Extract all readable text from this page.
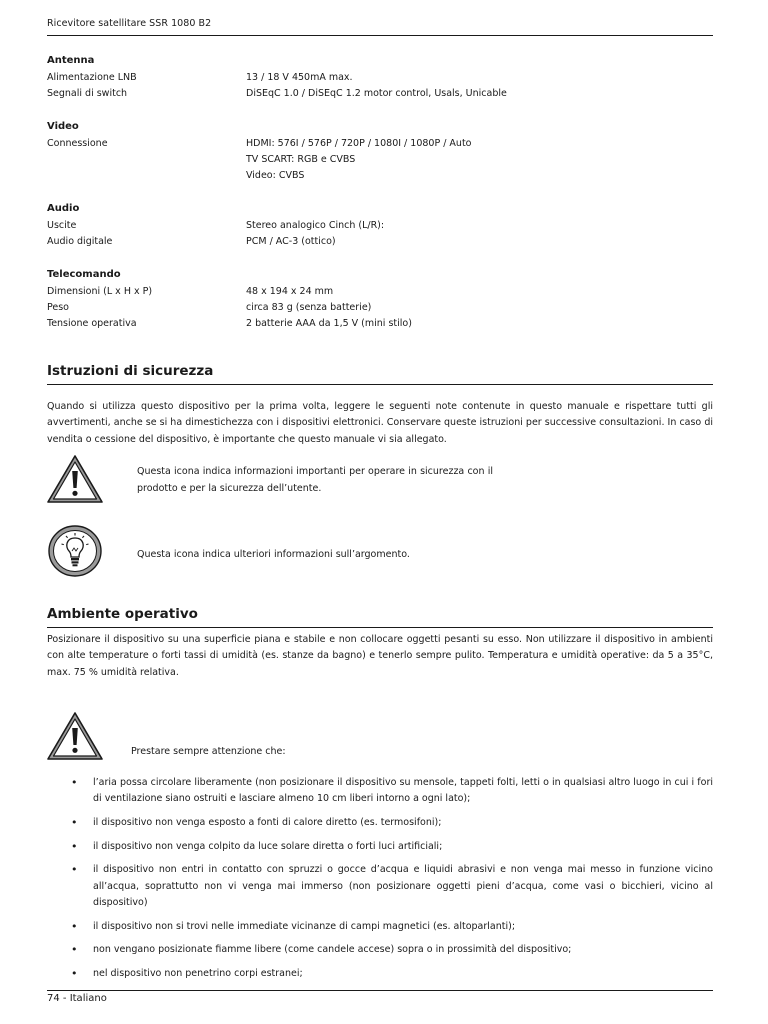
Ricevitore satellitare SSR 1080 B2
Antenna
Alimentazione LNB	13 / 18 V 450mA max.
Segnali di switch	DiSEqC 1.0 / DiSEqC 1.2 motor control, Usals, Unicable
Video
Connessione	HDMI: 576I / 576P / 720P / 1080I / 1080P / Auto
TV SCART: RGB e CVBS
Video: CVBS
Audio
Uscite	Stereo analogico Cinch (L/R):
Audio digitale	PCM / AC-3 (ottico)
Telecomando
Dimensioni (L x H x P)	48 x 194 x 24 mm
Peso	circa 83 g (senza batterie)
Tensione operativa	2 batterie AAA da 1,5 V (mini stilo)
Istruzioni di sicurezza
Quando si utilizza questo dispositivo per la prima volta, leggere le seguenti note contenute in questo manuale e rispettare tutti gli avvertimenti, anche se si ha dimestichezza con i dispositivi elettronici. Conservare queste istruzioni per successive consultazioni. In caso di vendita o cessione del dispositivo, è importante che questo manuale vi sia allegato.
Questa icona indica informazioni importanti per operare in sicurezza con il prodotto e per la sicurezza dell’utente.
Questa icona indica ulteriori informazioni sull’argomento.
Ambiente operativo
Posizionare il dispositivo su una superficie piana e stabile e non collocare oggetti pesanti su esso. Non utilizzare il dispositivo in ambienti con alte temperature o forti tassi di umidità (es. stanze da bagno) e tenerlo sempre pulito. Temperatura e umidità operative: da 5 a 35°C, max. 75 % umidità relativa.
Prestare sempre attenzione che:
• l’aria possa circolare liberamente (non posizionare il dispositivo su mensole, tappeti folti, letti o in qualsiasi altro luogo in cui i fori di ventilazione siano ostruiti e lasciare almeno 10 cm liberi intorno a ogni lato);
• il dispositivo non venga esposto a fonti di calore diretto (es. termosifoni);
• il dispositivo non venga colpito da luce solare diretta o forti luci artificiali;
• il dispositivo non entri in contatto con spruzzi o gocce d’acqua e liquidi abrasivi e non venga mai messo in funzione vicino all’acqua, soprattutto non vi venga mai immerso (non posizionare oggetti pieni d’acqua, come vasi o bicchieri, vicino al dispositivo)
• il dispositivo non si trovi nelle immediate vicinanze di campi magnetici (es. altoparlanti);
• non vengano posizionate fiamme libere (come candele accese) sopra o in prossimità del dispositivo;
• nel dispositivo non penetrino corpi estranei;
74 - Italiano
